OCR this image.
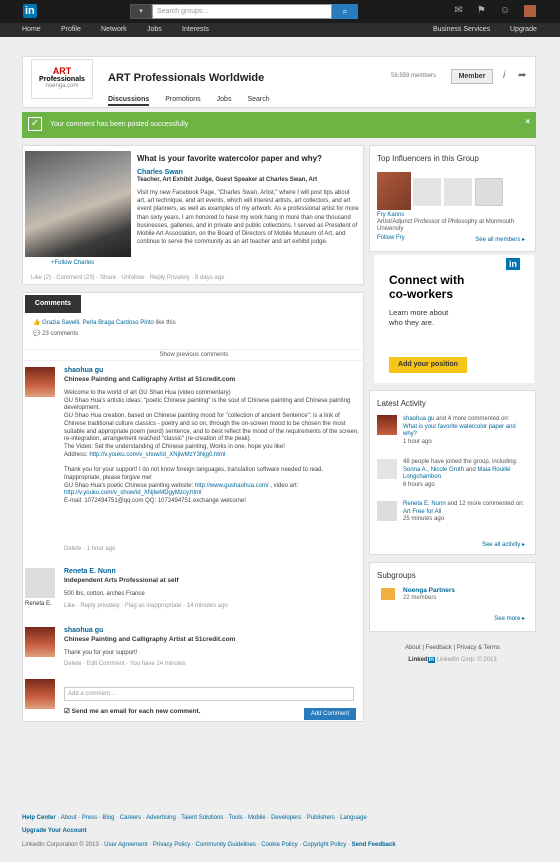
in	▾	Search groups...	⌕	✉ ⚑ ☺
Home	Profile	Network	Jobs	Interests	Business Services	Upgrade
ART
Professionals
noenga.com
ART Professionals Worldwide	59,559 members	Member	i ➦
Discussions Promotions Jobs Search
✓	Your comment has been posted successfully	×
+Follow Charles
What is your favorite watercolor paper and why?
Charles Swan
Teacher, Art Exhibit Judge, Guest Speaker at Charles Swan, Art
Visit my new Facebook Page, "Charles Swan, Artist," where I will post tips about art, art technique, and art events, which will interest artists, art collectors, and art event planners, as well as examples of my artwork. As a professional artist for more than sixty years, I am honored to have my work hang in more than one thousand businesses, galleries, and in private and public collections. I served as President of Mobile Art Association, on the Board of Directors of Mobile Museum of Art, and continue to serve the community as an art teacher and art exhibit judge.
Like (2) · Comment (23) · Share · Unfollow · Reply Privately · 8 days ago
Comments
👍 Grazia Savelli, Perla Braga Cardoso Pinto like this
💬 23 comments
Show previous comments
shaohua gu
Chinese Painting and Calligraphy Artist at 51credit.com
Welcome to the world of art GU Shao Hua (video commentary)
GU Shao Hua's artistic ideas: "poetic Chinese painting" is the soul of Chinese painting and Chinese painting development.
GU Shao Hua creation, based on Chinese painting mood for "collection of ancient Sentence": is a link of Chinese traditional culture classics - poetry and so on, through the on-screen mood to be chosen the most suitable and appropriate poem (word) sentence, and to best reflect the mood of the requirements of the screen, re-integration, arrangement reached "classic" (re-creation of the peak).
The Video: Set the understanding of Chinese painting, Works in one, hope you like!
Address: http://v.youku.com/v_show/id_XNjlwMzY3Njg0.html
Thank you for your support! I do not know foreign languages, translation software needed to read. Inappropriate, please forgive me!
GU Shao Hua's poetic Chinese painting website: http://www.gushaohua.com/ , video art:
http://v.youku.com/v_show/id_XNjlwMDgyMzcy.html
E-mail: 1072494751@qq.com QQ: 1072494751 exchange welcome!
Delete · 1 hour ago
Reneta E.
Reneta E. Nunn
Independent Arts Professional at self
500 lbs, cotton, arches France
Like · Reply privately · Flag as inappropriate · 14 minutes ago
shaohua gu
Chinese Painting and Calligraphy Artist at 51credit.com
Thank you for your support!
Delete · Edit Comment · You have 14 minutes
Add a comment...
☑ Send me an email for each new comment.	Add Comment
Top Influencers in this Group
Fry Kanns
Artist/Adjunct Professor of Philosophy at Monmouth University
Follow Fry	See all members ▸
in
Connect with
co-workers
Learn more about
who they are.
Add your position
Latest Activity
shaohua gu and 4 more commented on:
What is your favorite watercolor paper and why?
1 hour ago
48 people have joined the group, including: Sonna A., Nicole Groth and Maia Rouillé Longchambon
6 hours ago
Reneta E. Nunn and 12 more commented on:
Art Free for All
25 minutes ago
See all activity ▸
Subgroups
Noenga Partners
22 members
See more ▸
About | Feedback | Privacy & Terms
Linkedin LinkedIn Corp. © 2013
Help Center · About · Press · Blog · Careers · Advertising · Talent Solutions · Tools · Mobile · Developers · Publishers · Language
Upgrade Your Account
LinkedIn Corporation © 2013 · User Agreement · Privacy Policy · Community Guidelines · Cookie Policy · Copyright Policy · Send Feedback
